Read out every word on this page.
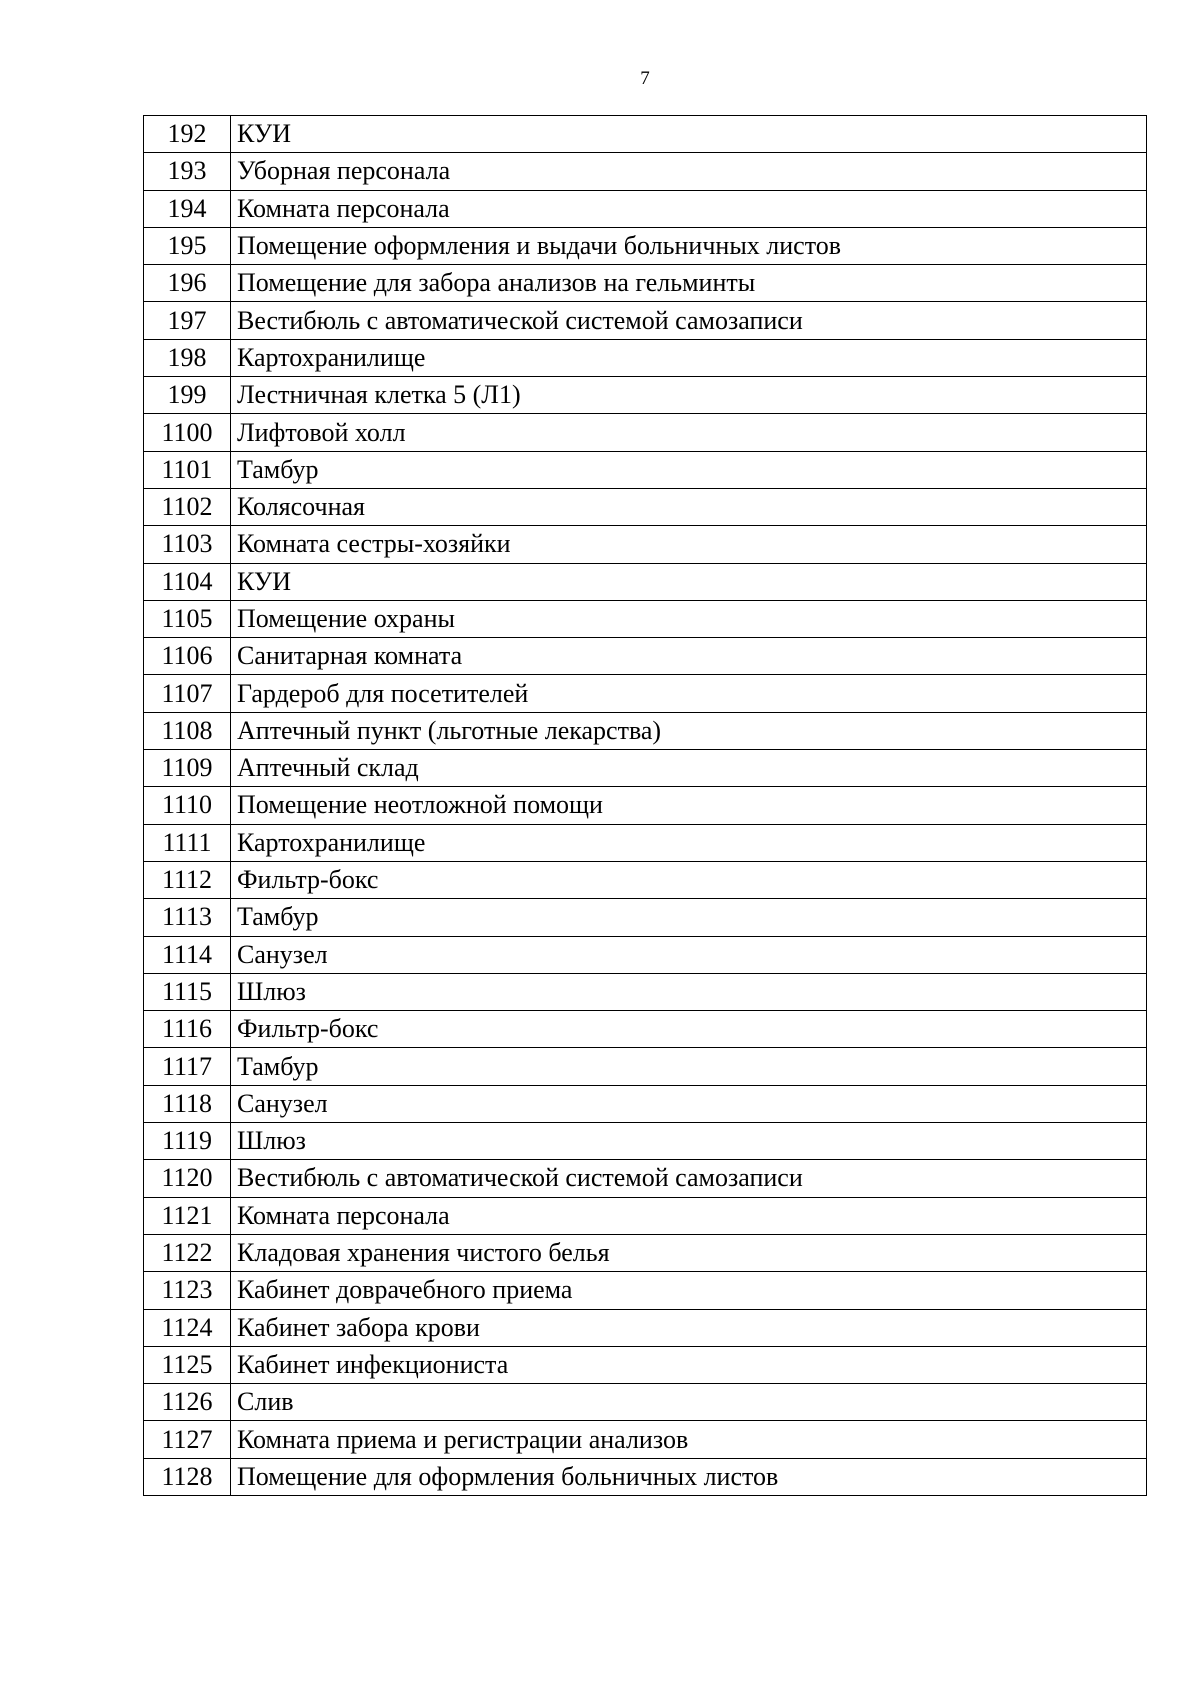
7
192	КУИ
193	Уборная персонала
194	Комната персонала
195	Помещение оформления и выдачи больничных листов
196	Помещение для забора анализов на гельминты
197	Вестибюль с автоматической системой самозаписи
198	Картохранилище
199	Лестничная клетка 5 (Л1)
1100	Лифтовой холл
1101	Тамбур
1102	Колясочная
1103	Комната сестры-хозяйки
1104	КУИ
1105	Помещение охраны
1106	Санитарная комната
1107	Гардероб для посетителей
1108	Аптечный пункт (льготные лекарства)
1109	Аптечный склад
1110	Помещение неотложной помощи
1111	Картохранилище
1112	Фильтр-бокс
1113	Тамбур
1114	Санузел
1115	Шлюз
1116	Фильтр-бокс
1117	Тамбур
1118	Санузел
1119	Шлюз
1120	Вестибюль с автоматической системой самозаписи
1121	Комната персонала
1122	Кладовая хранения чистого белья
1123	Кабинет доврачебного приема
1124	Кабинет забора крови
1125	Кабинет инфекциониста
1126	Слив
1127	Комната приема и регистрации анализов
1128	Помещение для оформления больничных листов
